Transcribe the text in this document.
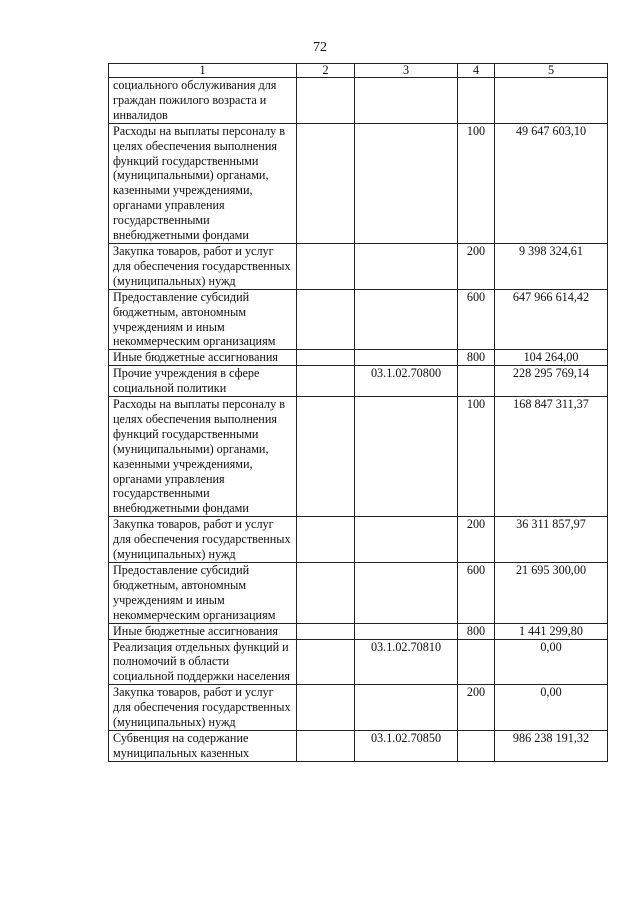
72
1	2	3	4	5
социального обслуживания для граждан пожилого возраста и инвалидов				
Расходы на выплаты персоналу в целях обеспечения выполнения функций государственными (муниципальными) органами, казенными учреждениями, органами управления государственными внебюджетными фондами			100	49 647 603,10
Закупка товаров, работ и услуг для обеспечения государственных (муниципальных) нужд			200	9 398 324,61
Предоставление субсидий бюджетным, автономным учреждениям и иным некоммерческим организациям			600	647 966 614,42
Иные бюджетные ассигнования			800	104 264,00
Прочие учреждения в сфере социальной политики		03.1.02.70800		228 295 769,14
Расходы на выплаты персоналу в целях обеспечения выполнения функций государственными (муниципальными) органами, казенными учреждениями, органами управления государственными внебюджетными фондами			100	168 847 311,37
Закупка товаров, работ и услуг для обеспечения государственных (муниципальных) нужд			200	36 311 857,97
Предоставление субсидий бюджетным, автономным учреждениям и иным некоммерческим организациям			600	21 695 300,00
Иные бюджетные ассигнования			800	1 441 299,80
Реализация отдельных функций и полномочий в области социальной поддержки населения		03.1.02.70810		0,00
Закупка товаров, работ и услуг для обеспечения государственных (муниципальных) нужд			200	0,00
Субвенция на содержание муниципальных казенных		03.1.02.70850		986 238 191,32
